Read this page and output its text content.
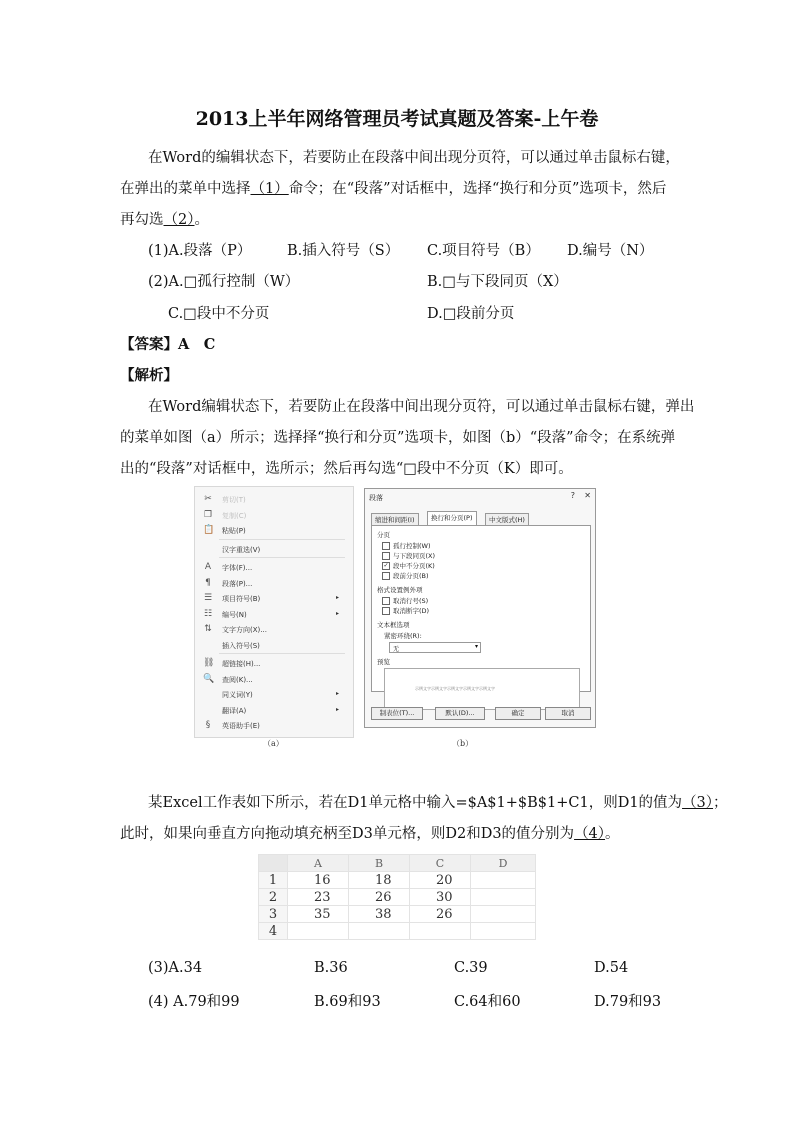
2013上半年网络管理员考试真题及答案-上午卷
在Word的编辑状态下，若要防止在段落中间出现分页符，可以通过单击鼠标右键，
在弹出的菜单中选择（1）命令；在“段落”对话框中，选择“换行和分页”选项卡，然后
再勾选（2）。
(1)A.段落（P） B.插入符号（S） C.项目符号（B） D.编号（N）
(2)A.□孤行控制（W）	B.□与下段同页（X）
C.□段中不分页	D.□段前分页
【答案】A　C
【解析】
在Word编辑状态下，若要防止在段落中间出现分页符，可以通过单击鼠标右键，弹出
的菜单如图（a）所示；选择择“换行和分页”选项卡，如图（b）“段落”命令；在系统弹
出的“段落”对话框中，选所示；然后再勾选“□段中不分页（K）即可。
✂ 剪切(T)
❐ 复制(C)
📋 粘贴(P)
汉字重选(V)
A 字体(F)...
¶	段落(P)...
☰ 项目符号(B)	▸
☷ 编号(N)	▸
⇅ 文字方向(X)...
插入符号(S)
⛓ 超链接(H)...
🔍 查阅(K)...
同义词(Y)	▸
翻译(A)	▸
§	英语助手(E)
（a）
段落	? ✕
缩进和间距(I)	换行和分页(P)	中文版式(H)
分页
孤行控制(W)
与下段同页(X)
✓ 段中不分页(K)
段前分页(B)
格式设置例外项
取消行号(S)
取消断字(D)
文本框选项
紧密环绕(R):
无	▾
预览
示例文字示例文字示例文字示例文字示例文字
制表位(T)...	默认(D)...	确定	取消
（b）
某Excel工作表如下所示，若在D1单元格中输入=$A$1+$B$1+C1，则D1的值为（3）；
此时，如果向垂直方向拖动填充柄至D3单元格，则D2和D3的值分别为（4）。
	A	B	C	D
1	16	18	20	
2	23	26	30	
3	35	38	26	
4				
(3)A.34	B.36	C.39	D.54
(4) A.79和99	B.69和93	C.64和60	D.79和93
